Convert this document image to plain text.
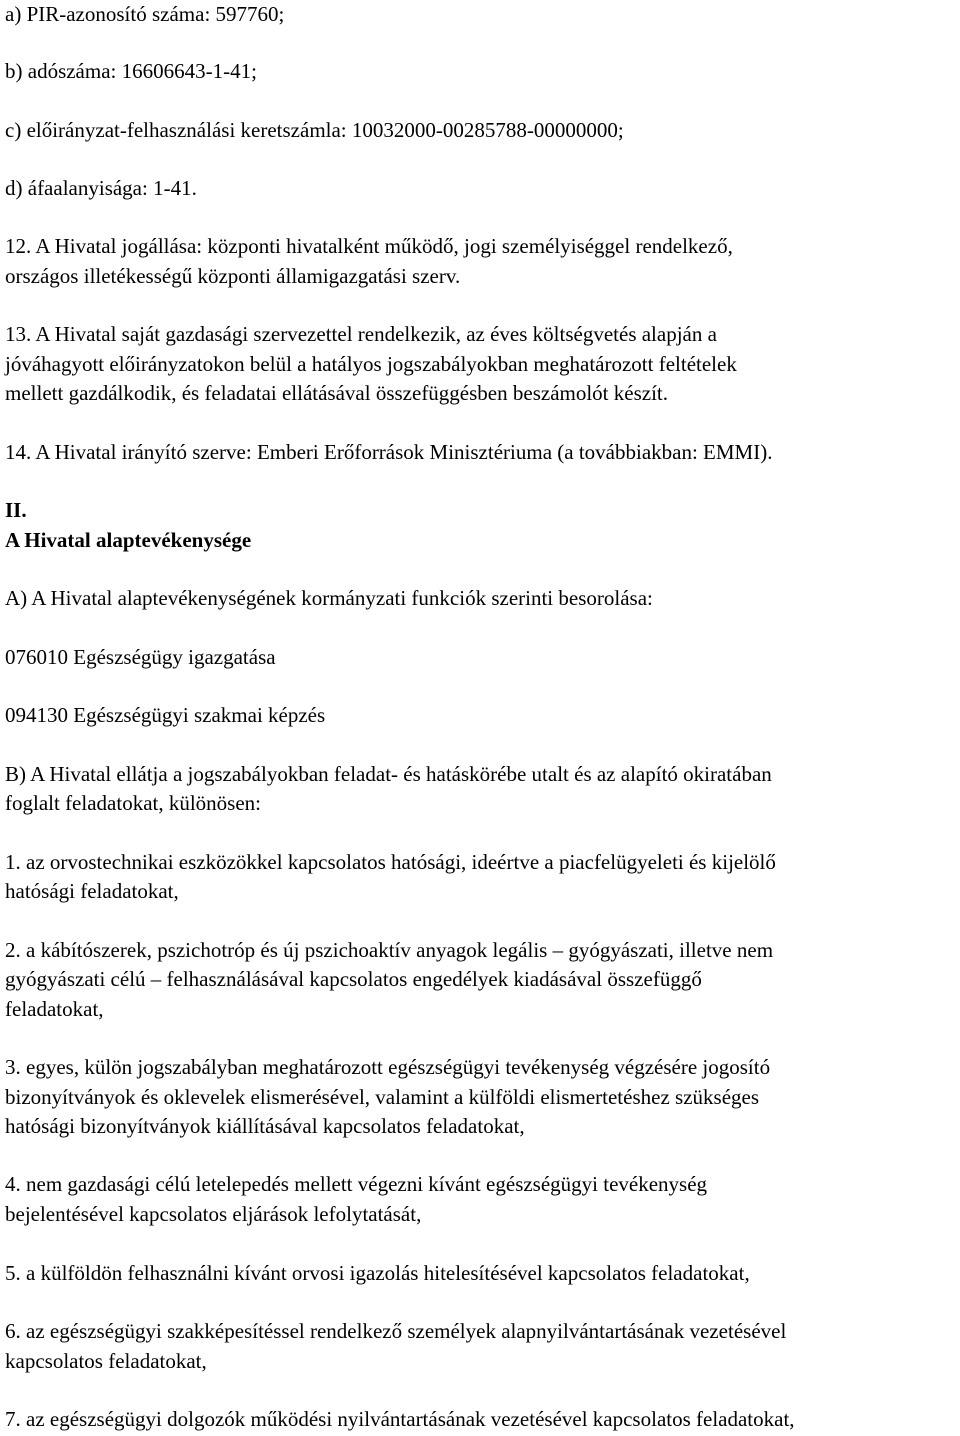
a) PIR-azonosító száma: 597760;
b) adószáma: 16606643-1-41;
c) előirányzat-felhasználási keretszámla: 10032000-00285788-00000000;
d) áfaalanyisága: 1-41.
12. A Hivatal jogállása: központi hivatalként működő, jogi személyiséggel rendelkező,
országos illetékességű központi államigazgatási szerv.
13. A Hivatal saját gazdasági szervezettel rendelkezik, az éves költségvetés alapján a
jóváhagyott előirányzatokon belül a hatályos jogszabályokban meghatározott feltételek
mellett gazdálkodik, és feladatai ellátásával összefüggésben beszámolót készít.
14. A Hivatal irányító szerve: Emberi Erőforrások Minisztériuma (a továbbiakban: EMMI).
II.
A Hivatal alaptevékenysége
A) A Hivatal alaptevékenységének kormányzati funkciók szerinti besorolása:
076010 Egészségügy igazgatása
094130 Egészségügyi szakmai képzés
B) A Hivatal ellátja a jogszabályokban feladat- és hatáskörébe utalt és az alapító okiratában
foglalt feladatokat, különösen:
1. az orvostechnikai eszközökkel kapcsolatos hatósági, ideértve a piacfelügyeleti és kijelölő
hatósági feladatokat,
2. a kábítószerek, pszichotróp és új pszichoaktív anyagok legális – gyógyászati, illetve nem
gyógyászati célú – felhasználásával kapcsolatos engedélyek kiadásával összefüggő
feladatokat,
3. egyes, külön jogszabályban meghatározott egészségügyi tevékenység végzésére jogosító
bizonyítványok és oklevelek elismerésével, valamint a külföldi elismertetéshez szükséges
hatósági bizonyítványok kiállításával kapcsolatos feladatokat,
4. nem gazdasági célú letelepedés mellett végezni kívánt egészségügyi tevékenység
bejelentésével kapcsolatos eljárások lefolytatását,
5. a külföldön felhasználni kívánt orvosi igazolás hitelesítésével kapcsolatos feladatokat,
6. az egészségügyi szakképesítéssel rendelkező személyek alapnyilvántartásának vezetésével
kapcsolatos feladatokat,
7. az egészségügyi dolgozók működési nyilvántartásának vezetésével kapcsolatos feladatokat,
